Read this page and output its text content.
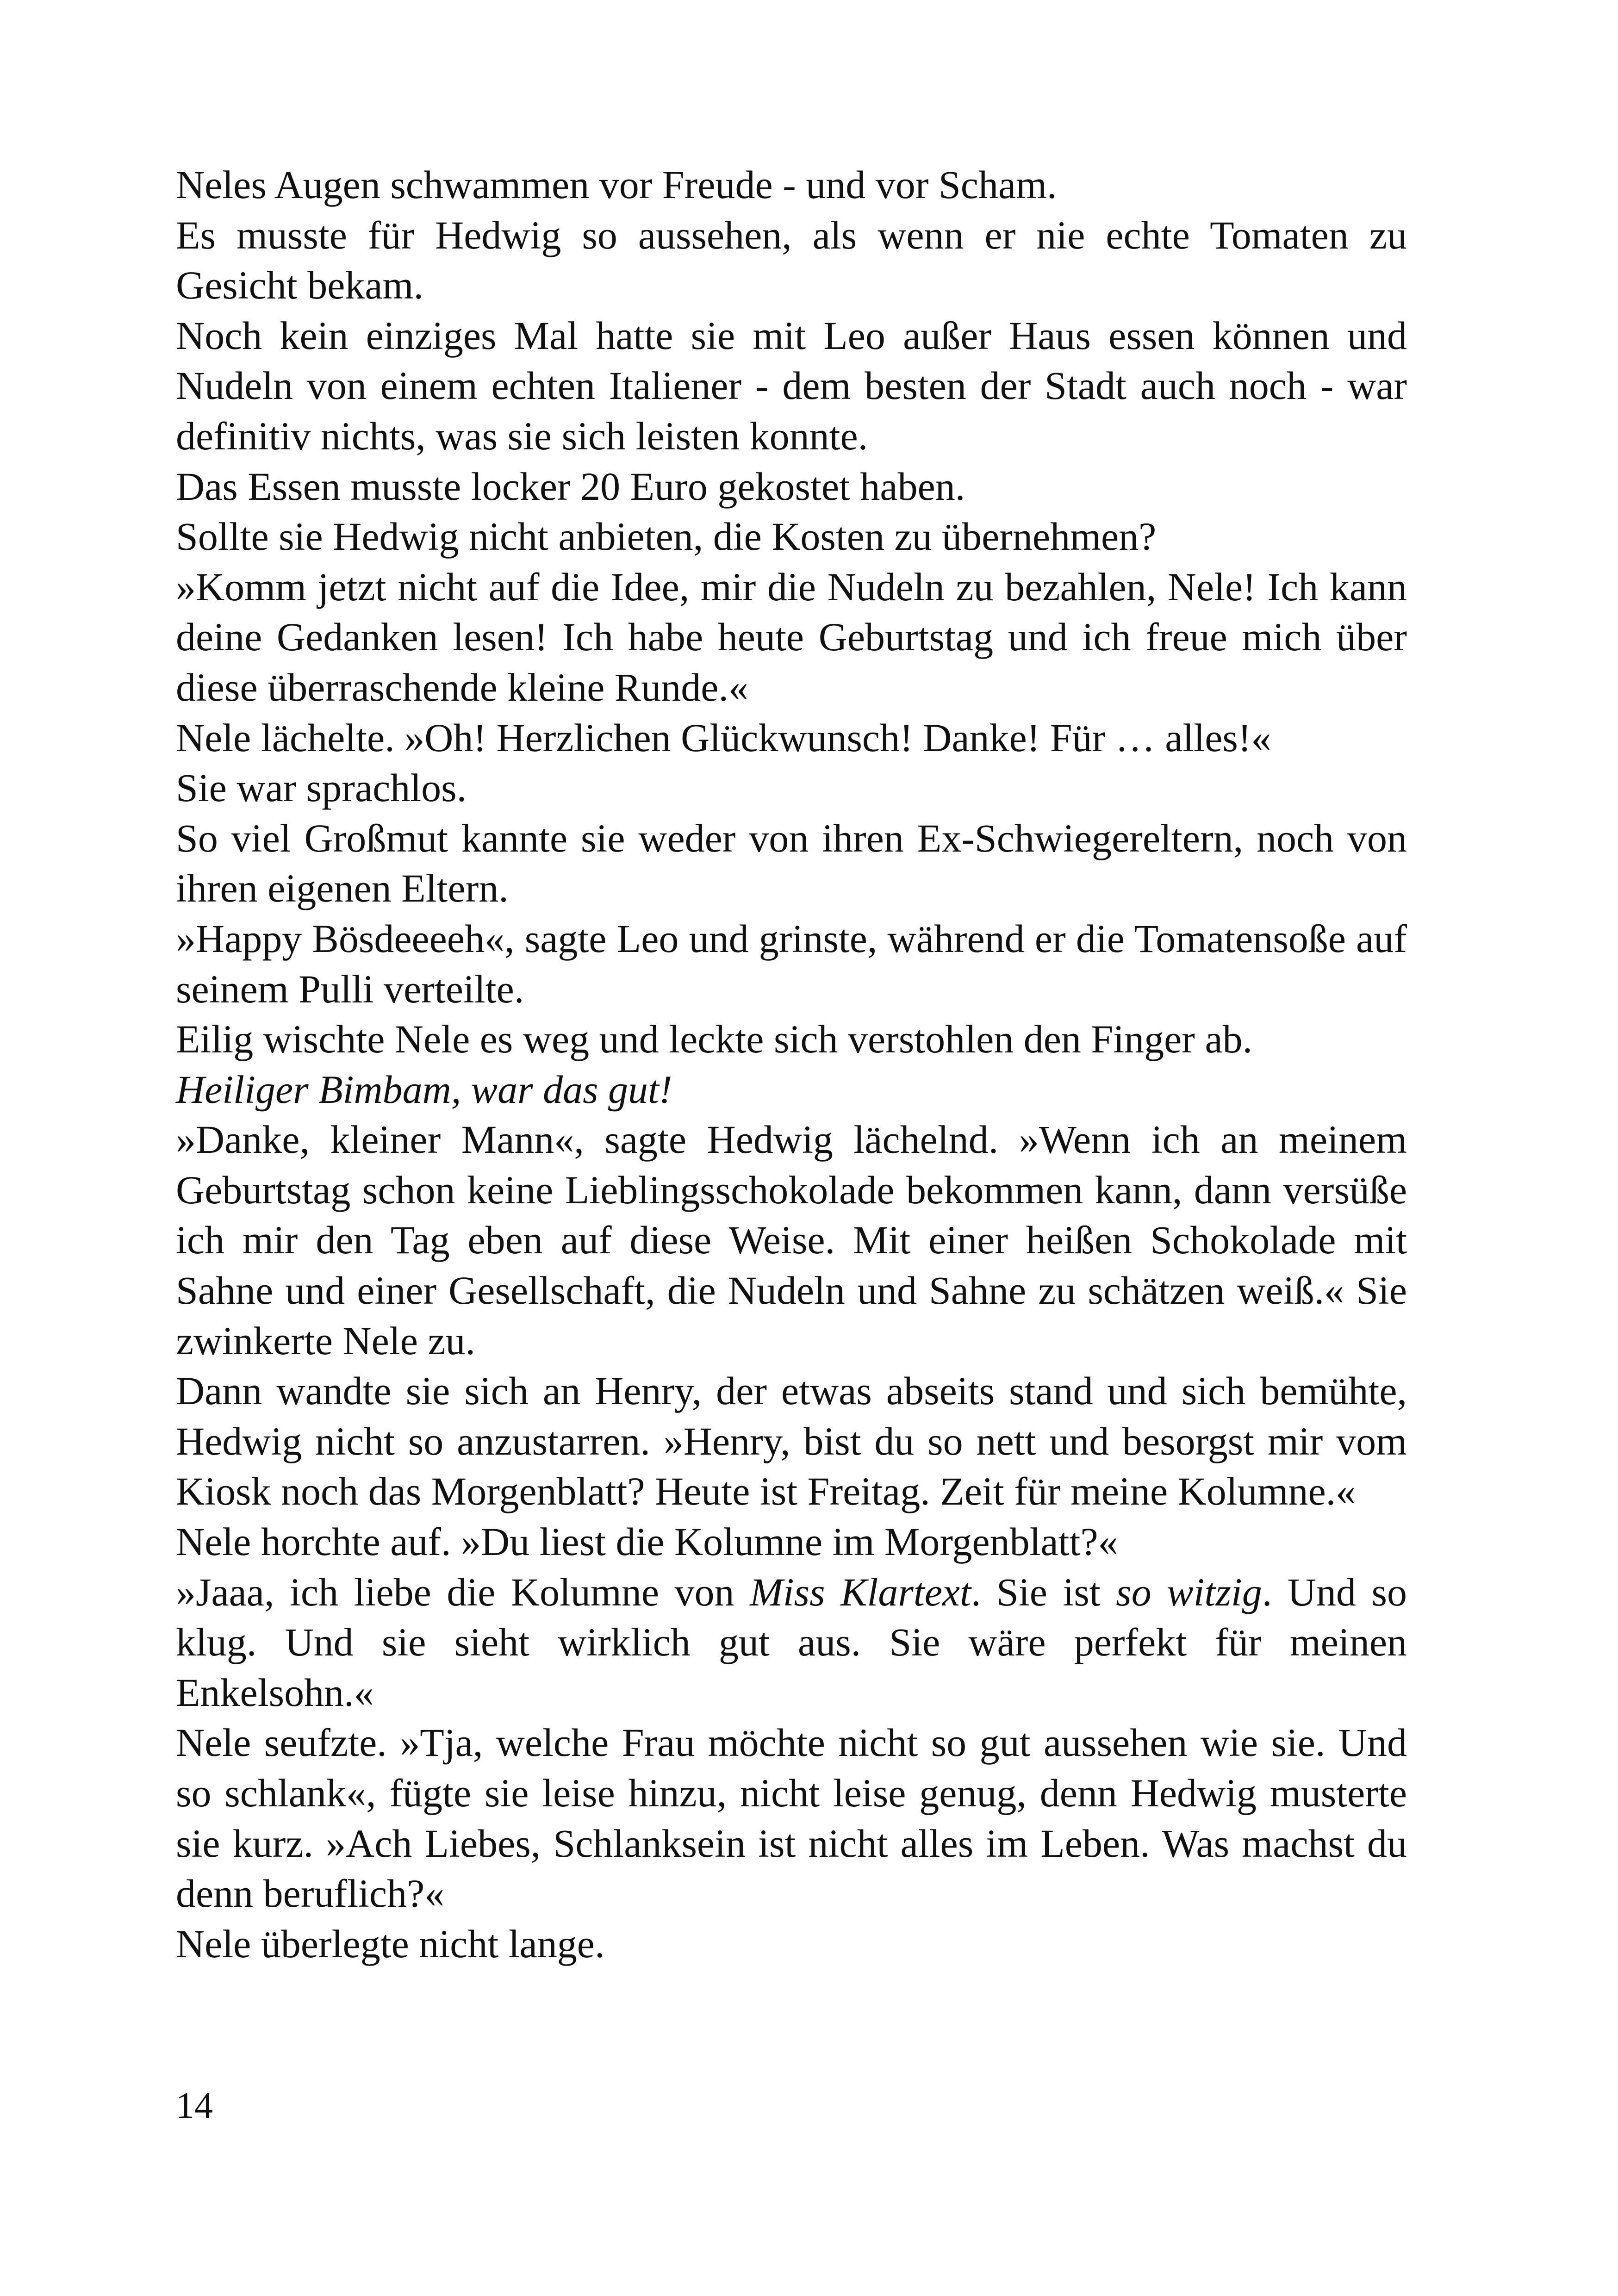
Neles Augen schwammen vor Freude - und vor Scham.

Es musste für Hedwig so aussehen, als wenn er nie echte Tomaten zu Gesicht bekam.

Noch kein einziges Mal hatte sie mit Leo außer Haus essen können und Nudeln von einem echten Italiener - dem besten der Stadt auch noch - war definitiv nichts, was sie sich leisten konnte.

Das Essen musste locker 20 Euro gekostet haben.

Sollte sie Hedwig nicht anbieten, die Kosten zu übernehmen?

»Komm jetzt nicht auf die Idee, mir die Nudeln zu bezahlen, Nele! Ich kann deine Gedanken lesen! Ich habe heute Geburtstag und ich freue mich über diese überraschende kleine Runde.«

Nele lächelte. »Oh! Herzlichen Glückwunsch! Danke! Für … alles!«

Sie war sprachlos.

So viel Großmut kannte sie weder von ihren Ex-Schwiegereltern, noch von ihren eigenen Eltern.

»Happy Bösdeeeeh«, sagte Leo und grinste, während er die Tomatensoße auf seinem Pulli verteilte.

Eilig wischte Nele es weg und leckte sich verstohlen den Finger ab.

Heiliger Bimbam, war das gut!

»Danke, kleiner Mann«, sagte Hedwig lächelnd. »Wenn ich an meinem Geburtstag schon keine Lieblingsschokolade bekommen kann, dann versüße ich mir den Tag eben auf diese Weise. Mit einer heißen Schokolade mit Sahne und einer Gesellschaft, die Nudeln und Sahne zu schätzen weiß.« Sie zwinkerte Nele zu.

Dann wandte sie sich an Henry, der etwas abseits stand und sich bemühte, Hedwig nicht so anzustarren. »Henry, bist du so nett und besorgst mir vom Kiosk noch das Morgenblatt? Heute ist Freitag. Zeit für meine Kolumne.«

Nele horchte auf. »Du liest die Kolumne im Morgenblatt?«

»Jaaa, ich liebe die Kolumne von Miss Klartext. Sie ist so witzig. Und so klug. Und sie sieht wirklich gut aus. Sie wäre perfekt für meinen Enkelsohn.«

Nele seufzte. »Tja, welche Frau möchte nicht so gut aussehen wie sie. Und so schlank«, fügte sie leise hinzu, nicht leise genug, denn Hedwig musterte sie kurz. »Ach Liebes, Schlanksein ist nicht alles im Leben. Was machst du denn beruflich?«

Nele überlegte nicht lange.

14
